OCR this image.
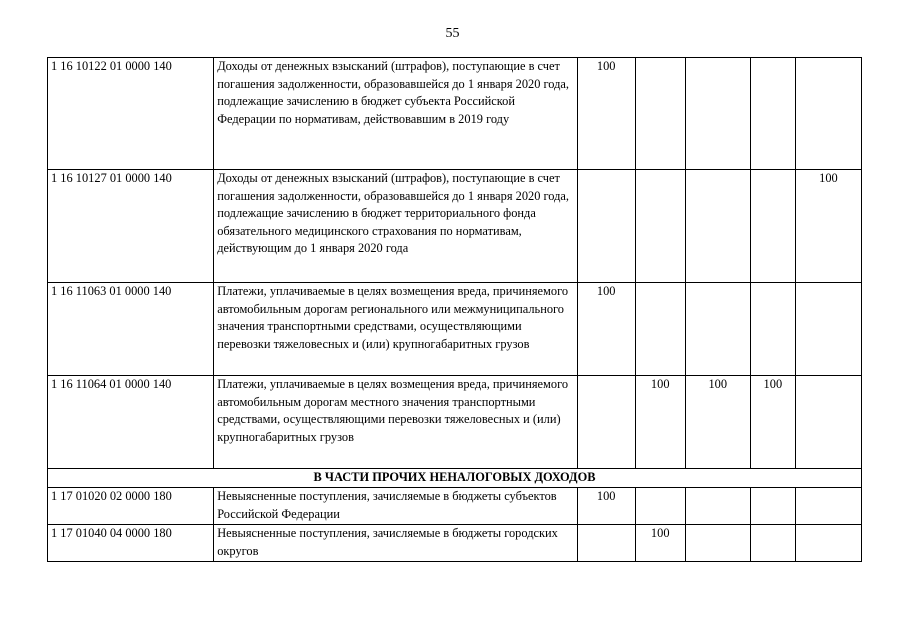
55
1 16 10122 01 0000 140	Доходы от денежных взысканий (штрафов), поступающие в счет погашения задолженности, образовавшейся до 1 января 2020 года, подлежащие зачислению в бюджет субъекта Российской Федерации по нормативам, действовавшим в 2019 году	100				
1 16 10127 01 0000 140	Доходы от денежных взысканий (штрафов), поступающие в счет погашения задолженности, образовавшейся до 1 января 2020 года, подлежащие зачислению в бюджет территориального фонда обязательного медицинского страхования по нормативам, действующим до 1 января 2020 года					100
1 16 11063 01 0000 140	Платежи, уплачиваемые в целях возмещения вреда, причиняемого автомобильным дорогам регионального или межмуниципального значения транспортными средствами, осуществляющими перевозки тяжеловесных и (или) крупногабаритных грузов	100				
1 16 11064 01 0000 140	Платежи, уплачиваемые в целях возмещения вреда, причиняемого автомобильным дорогам местного значения транспортными средствами, осуществляющими перевозки тяжеловесных и (или) крупногабаритных грузов		100	100	100	
В ЧАСТИ ПРОЧИХ НЕНАЛОГОВЫХ ДОХОДОВ						
1 17 01020 02 0000 180	Невыясненные поступления, зачисляемые в бюджеты субъектов Российской Федерации	100				
1 17 01040 04 0000 180	Невыясненные поступления, зачисляемые в бюджеты городских округов		100			
